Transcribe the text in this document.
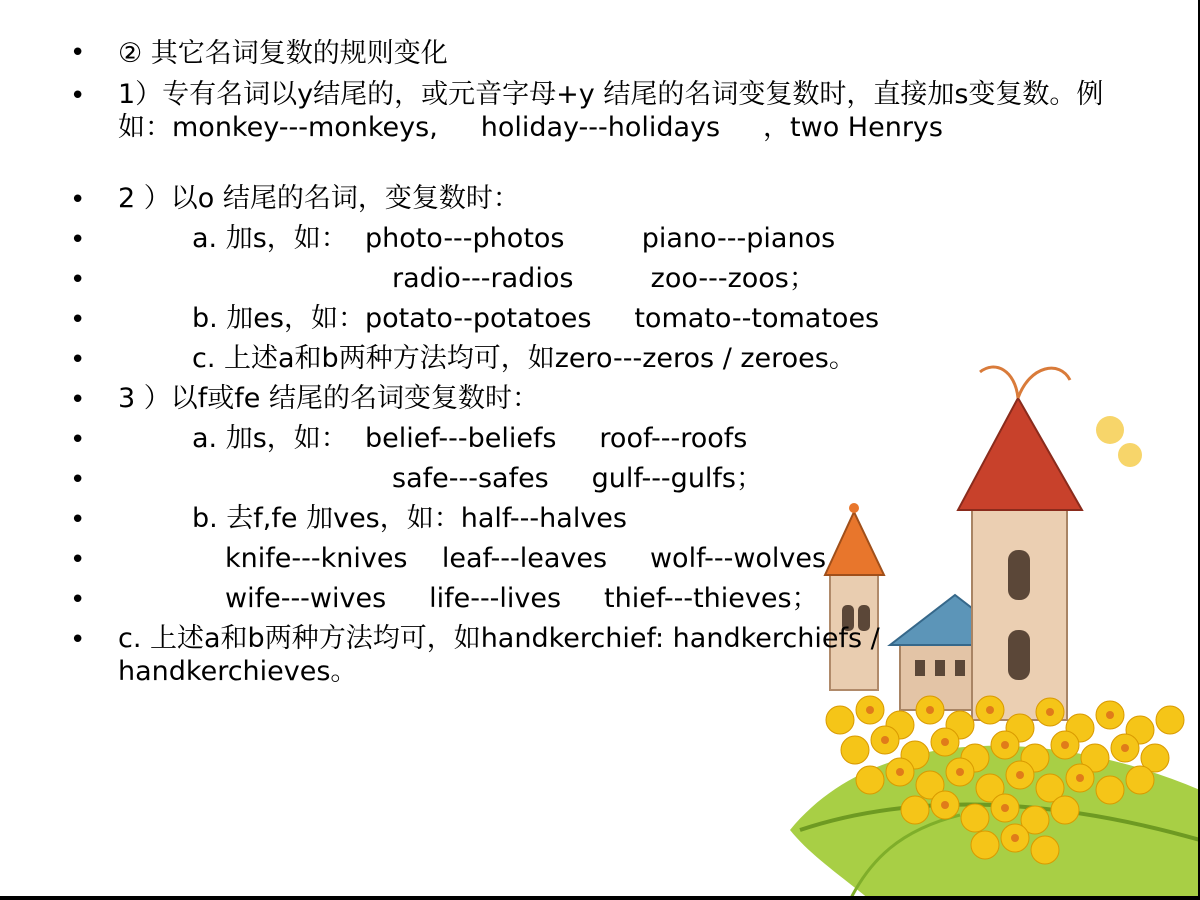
• ② 其它名词复数的规则变化
• 1）专有名词以y结尾的，或元音字母+y 结尾的名词变复数时，直接加s变复数。例如：monkey---monkeys,     holiday---holidays     ，two Henrys
• 2 ）以o 结尾的名词，变复数时：
•	a. 加s，如：  photo---photos         piano---pianos
•	radio---radios         zoo---zoos；
•	b. 加es，如：potato--potatoes     tomato--tomatoes
•	c. 上述a和b两种方法均可，如zero---zeros / zeroes。
• 3 ）以f或fe 结尾的名词变复数时：
•	a. 加s，如：  belief---beliefs     roof---roofs
•	safe---safes     gulf---gulfs；
•	b. 去f,fe 加ves，如：half---halves
•	knife---knives    leaf---leaves     wolf---wolves
•	wife---wives     life---lives     thief---thieves；
• c. 上述a和b两种方法均可，如handkerchief: handkerchiefs / handkerchieves。
